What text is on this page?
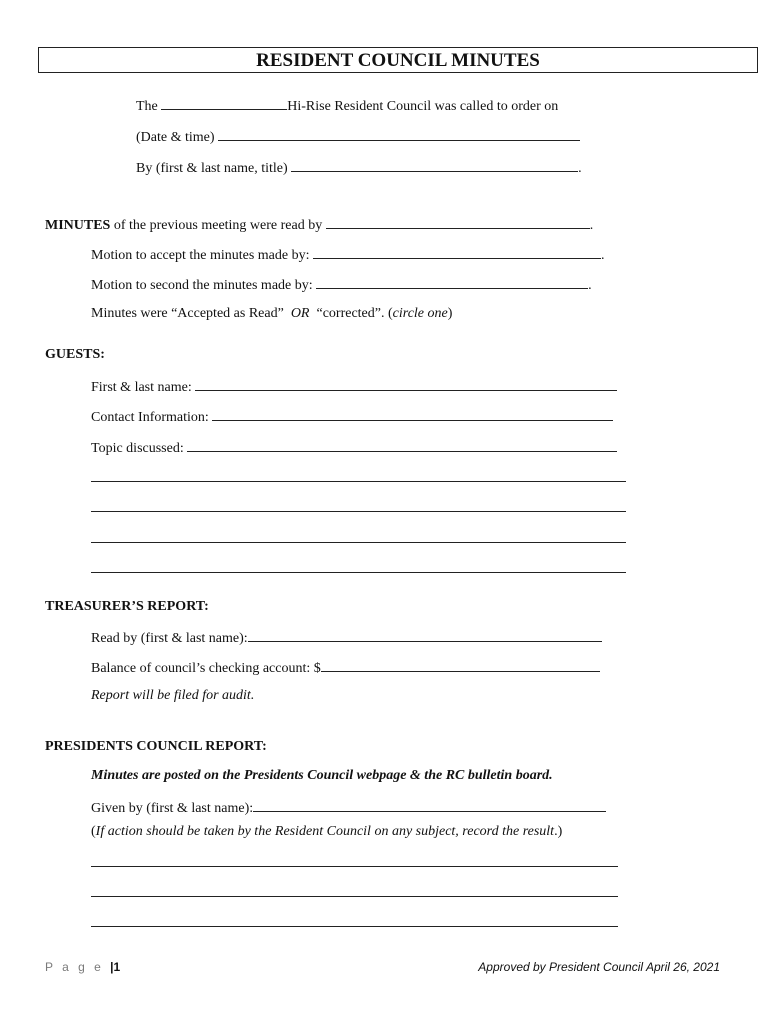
RESIDENT COUNCIL MINUTES
The	Hi-Rise Resident Council was called to order on
(Date & time)
By (first & last name, title)	.
MINUTES of the previous meeting were read by	.
Motion to accept the minutes made by:	.
Motion to second the minutes made by:	.
Minutes were “Accepted as Read” OR “corrected”. (circle one)
GUESTS:
First & last name:
Contact Information:
Topic discussed:
TREASURER’S REPORT:
Read by (first & last name):
Balance of council’s checking account: $
Report will be filed for audit.
PRESIDENTS COUNCIL REPORT:
Minutes are posted on the Presidents Council webpage & the RC bulletin board.
Given by (first & last name):
(If action should be taken by the Resident Council on any subject, record the result.)
P a g e |1	Approved by President Council April 26, 2021
